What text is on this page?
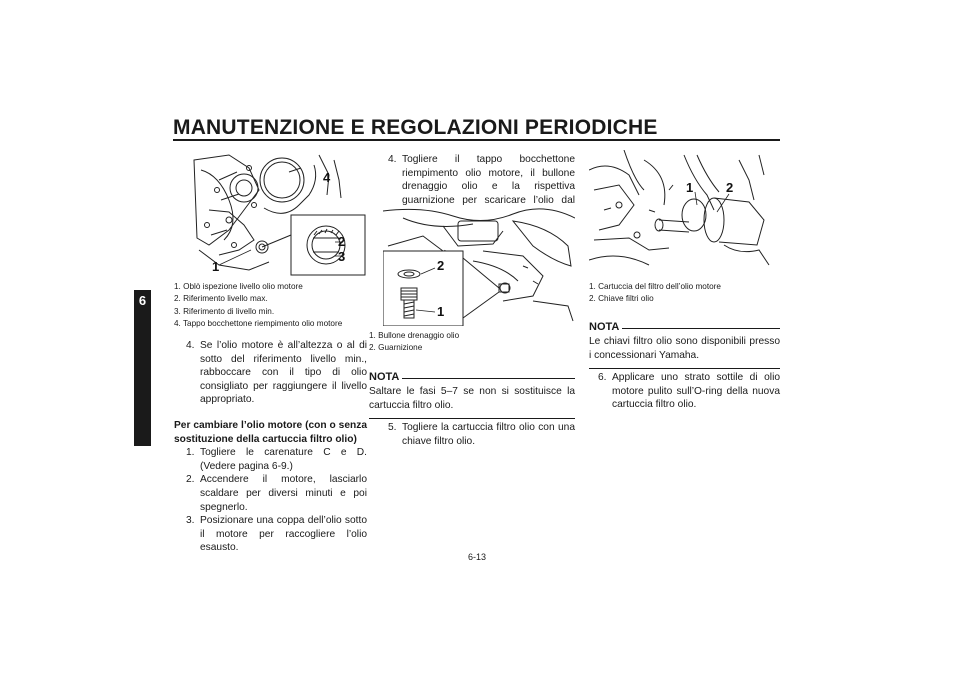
MANUTENZIONE E REGOLAZIONI PERIODICHE
6
4
1
2
3
1. Oblò ispezione livello olio motore
2. Riferimento livello max.
3. Riferimento di livello min.
4. Tappo bocchettone riempimento olio motore
4. Se l’olio motore è all’altezza o al di sotto del riferimento livello min., rabboccare con il tipo di olio consigliato per raggiungere il livello appropriato.
Per cambiare l’olio motore (con o senza sostituzione della cartuccia filtro olio)
1. Togliere le carenature C e D. (Vedere pagina 6-9.)
2. Accendere il motore, lasciarlo scaldare per diversi minuti e poi spegnerlo.
3. Posizionare una coppa dell’olio sotto il motore per raccogliere l’olio esausto.
4. Togliere il tappo bocchettone riempimento olio motore, il bullone drenaggio olio e la rispettiva guarnizione per scaricare l’olio dal
2
1
1. Bullone drenaggio olio
2. Guarnizione
NOTA
Saltare le fasi 5–7 se non si sostituisce la cartuccia filtro olio.
5. Togliere la cartuccia filtro olio con una chiave filtro olio.
1	2
1. Cartuccia del filtro dell’olio motore
2. Chiave filtri olio
NOTA
Le chiavi filtro olio sono disponibili presso i concessionari Yamaha.
6. Applicare uno strato sottile di olio motore pulito sull’O-ring della nuova cartuccia filtro olio.
6-13
